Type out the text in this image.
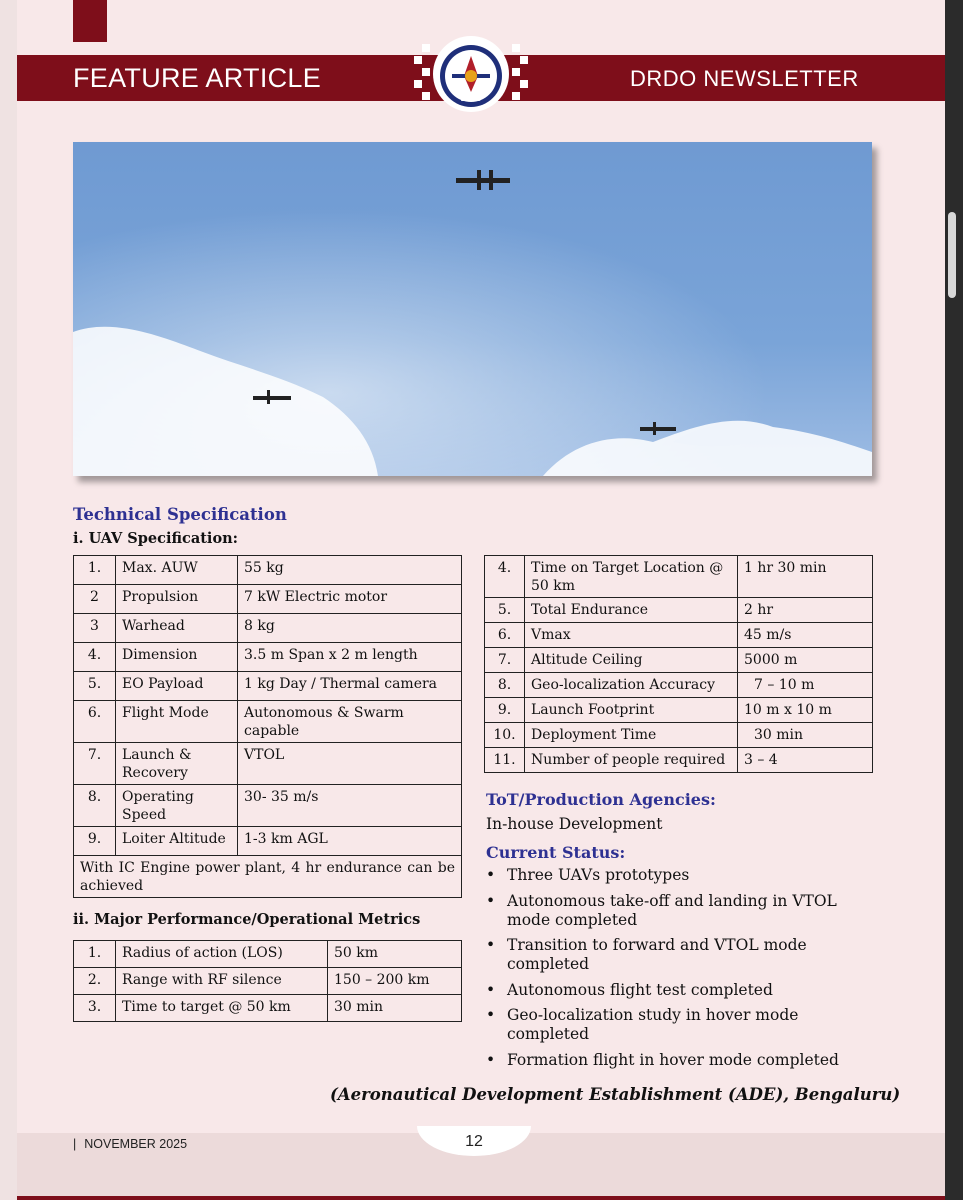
FEATURE ARTICLE	DRDO NEWSLETTER
DRDO
Technical Specification
i. UAV Specification:
1.	Max. AUW	55 kg
2	Propulsion	7 kW Electric motor
3	Warhead	8 kg
4.	Dimension	3.5 m Span x 2 m length
5.	EO Payload	1 kg Day / Thermal camera
6.	Flight Mode	Autonomous & Swarm capable
7.	Launch & Recovery	VTOL
8.	Operating Speed	30- 35 m/s
9.	Loiter Altitude	1-3 km AGL
With IC Engine power plant, 4 hr endurance can be achieved		
ii. Major Performance/Operational Metrics
1.	Radius of action (LOS)	50 km
2.	Range with RF silence	150 – 200 km
3.	Time to target @ 50 km	30 min
4.	Time on Target Location @ 50 km	1 hr 30 min
5.	Total Endurance	2 hr
6.	Vmax	45 m/s
7.	Altitude Ceiling	5000 m
8.	Geo-localization Accuracy	7 – 10 m
9.	Launch Footprint	10 m x 10 m
10.	Deployment Time	30 min
11.	Number of people required	3 – 4
ToT/Production Agencies:
In-house Development
Current Status:
• Three UAVs prototypes
• Autonomous take-off and landing in VTOL mode completed
• Transition to forward and VTOL mode completed
• Autonomous flight test completed
• Geo-localization study in hover mode completed
• Formation flight in hover mode completed
(Aeronautical Development Establishment (ADE), Bengaluru)
| NOVEMBER 2025	12
